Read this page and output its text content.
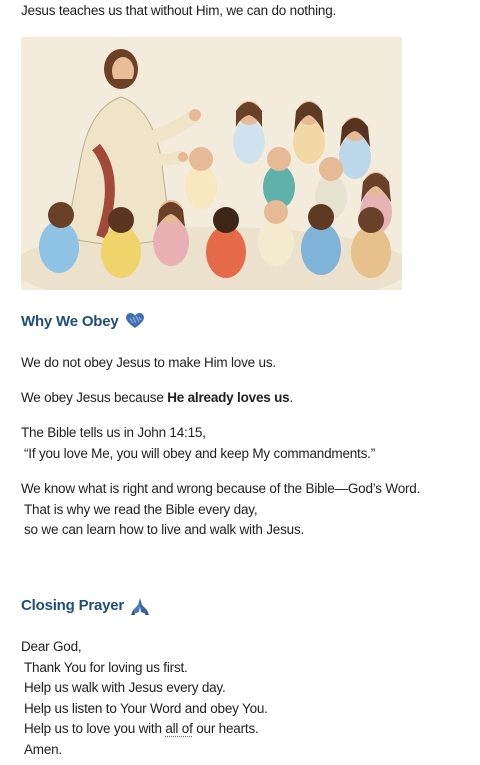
Jesus teaches us that without Him, we can do nothing.

Why We Obey

We do not obey Jesus to make Him love us.

We obey Jesus because He already loves us.

The Bible tells us in John 14:15,

“If you love Me, you will obey and keep My commandments.”

We know what is right and wrong because of the Bible—God’s Word.

That is why we read the Bible every day,

so we can learn how to live and walk with Jesus.

Closing Prayer

Dear God,

Thank You for loving us first.

Help us walk with Jesus every day.

Help us listen to Your Word and obey You.

Help us to love you with all of our hearts.

Amen.
